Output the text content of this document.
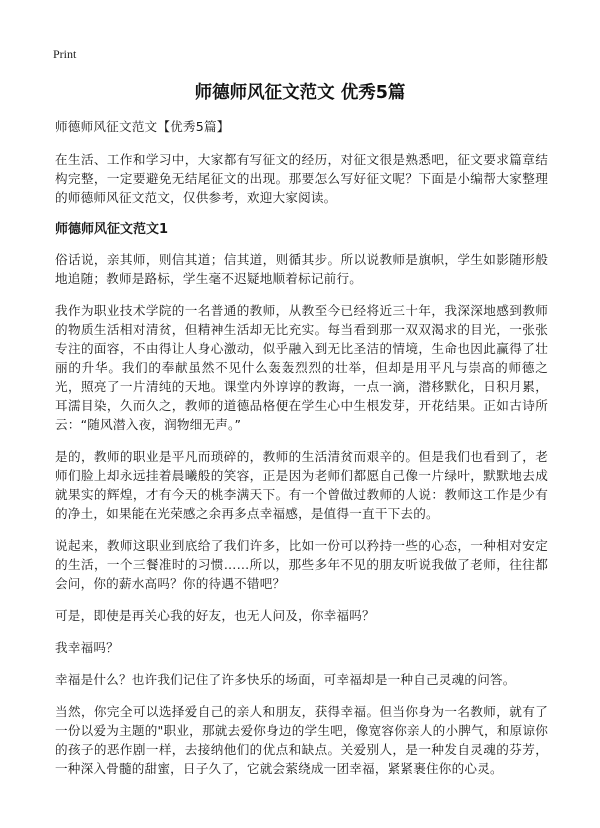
Print
师德师风征文范文 优秀5篇

师德师风征文范文【优秀5篇】

在生活、工作和学习中，大家都有写征文的经历，对征文很是熟悉吧，征文要求篇章结构完整，一定要避免无结尾征文的出现。那要怎么写好征文呢？下面是小编帮大家整理的师德师风征文范文，仅供参考，欢迎大家阅读。

师德师风征文范文1

俗话说，亲其师，则信其道；信其道，则循其步。所以说教师是旗帜，学生如影随形般地追随；教师是路标，学生毫不迟疑地顺着标记前行。

我作为职业技术学院的一名普通的教师，从教至今已经将近三十年，我深深地感到教师的物质生活相对清贫，但精神生活却无比充实。每当看到那一双双渴求的目光，一张张专注的面容，不由得让人身心激动，似乎融入到无比圣洁的情境，生命也因此赢得了壮丽的升华。我们的奉献虽然不见什么轰轰烈烈的壮举，但却是用平凡与崇高的师德之光，照亮了一片清纯的天地。课堂内外谆谆的教诲，一点一滴，潜移默化，日积月累，耳濡目染，久而久之，教师的道德品格便在学生心中生根发芽，开花结果。正如古诗所云：“随风潜入夜，润物细无声。”

是的，教师的职业是平凡而琐碎的，教师的生活清贫而艰辛的。但是我们也看到了，老师们脸上却永远挂着晨曦般的笑容，正是因为老师们都愿自己像一片绿叶，默默地去成就果实的辉煌，才有今天的桃李满天下。有一个曾做过教师的人说：教师这工作是少有的净土，如果能在光荣感之余再多点幸福感，是值得一直干下去的。

说起来，教师这职业到底给了我们许多，比如一份可以矜持一些的心态，一种相对安定的生活，一个三餐准时的习惯……所以，那些多年不见的朋友听说我做了老师，往往都会问，你的薪水高吗？你的待遇不错吧？

可是，即使是再关心我的好友，也无人问及，你幸福吗？

我幸福吗？

幸福是什么？也许我们记住了许多快乐的场面，可幸福却是一种自己灵魂的问答。

当然，你完全可以选择爱自己的亲人和朋友，获得幸福。但当你身为一名教师，就有了一份以爱为主题的"职业，那就去爱你身边的学生吧，像宽容你亲人的小脾气，和原谅你的孩子的恶作剧一样，去接纳他们的优点和缺点。关爱别人，是一种发自灵魂的芬芳，一种深入骨髓的甜蜜，日子久了，它就会萦绕成一团幸福，紧紧裹住你的心灵。
